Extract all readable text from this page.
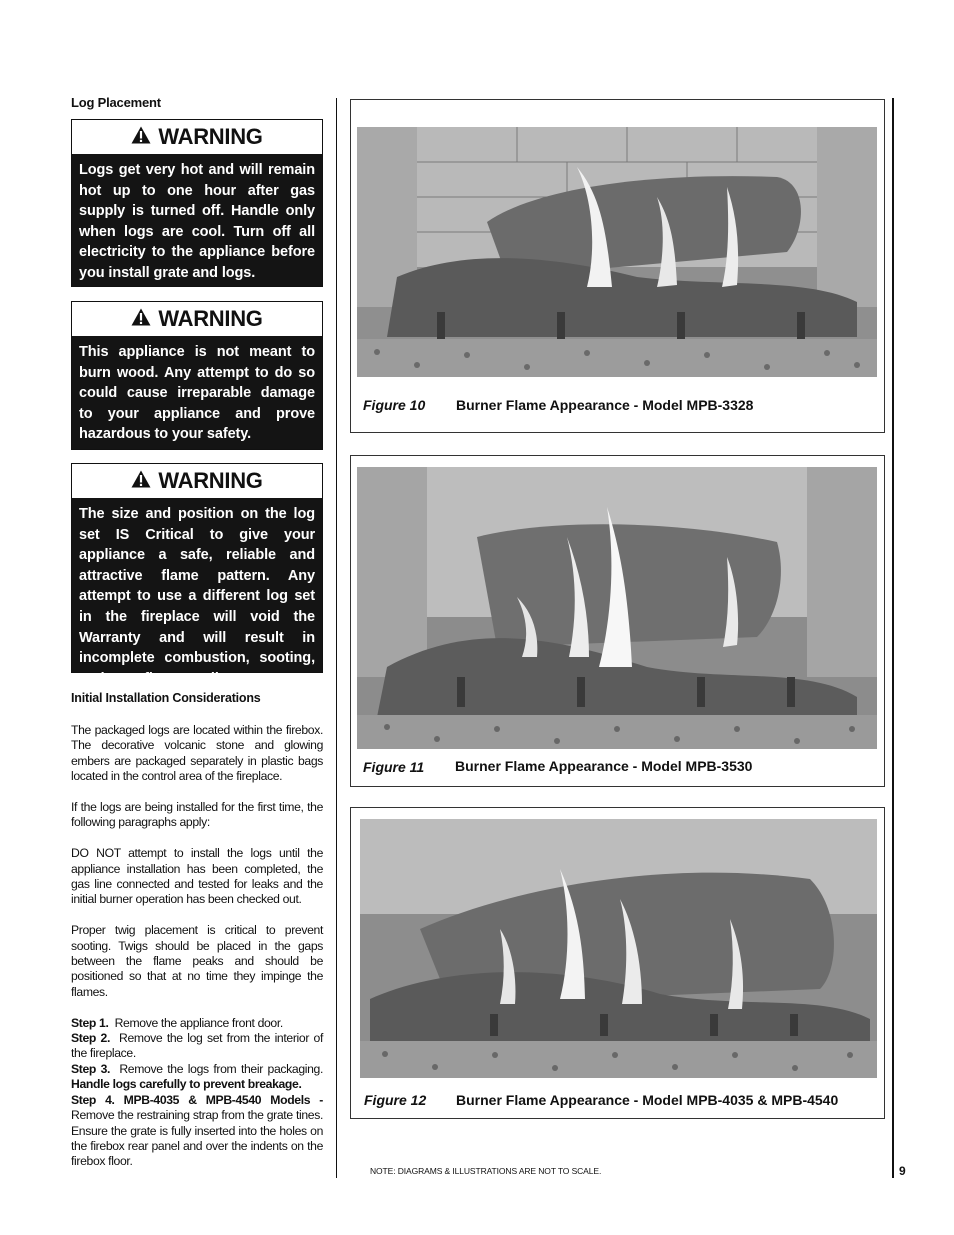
Log Placement
WARNING
Logs get very hot and will remain hot up to one hour after gas supply is turned off. Handle only when logs are cool. Turn off all electricity to the appliance before you install grate and logs.
WARNING
This appliance is not meant to burn wood. Any attempt to do so could cause irreparable damage to your appliance and prove hazardous to your safety.
WARNING
The size and position on the log set IS Critical to give your appliance a safe, reliable and attractive flame pattern. Any attempt to use a different log set in the fireplace will void the Warranty and will result in incomplete combustion, sooting, and poor flame quality.
Initial Installation Considerations

The packaged logs are located within the firebox. The decorative volcanic stone and glowing embers are packaged separately in plastic bags located in the control area of the fireplace.

If the logs are being installed for the first time, the following paragraphs apply:

DO NOT attempt to install the logs until the appliance installation has been completed, the gas line connected and tested for leaks and the initial burner operation has been checked out.

Proper twig placement is critical to prevent sooting. Twigs should be placed in the gaps between the flame peaks and should be positioned so that at no time they impinge the flames.

Step 1. Remove the appliance front door.

Step 2. Remove the log set from the interior of the fireplace.

Step 3. Remove the logs from their packaging. Handle logs carefully to prevent breakage.

Step 4. MPB-4035 & MPB-4540 Models - Remove the restraining strap from the grate tines. Ensure the grate is fully inserted into the holes on the firebox rear panel and over the indents on the firebox floor.

Figure 10 Burner Flame Appearance - Model MPB-3328
Figure 11 Burner Flame Appearance - Model MPB-3530
Figure 12 Burner Flame Appearance - Model MPB-4035 & MPB-4540
NOTE: DIAGRAMS & ILLUSTRATIONS ARE NOT TO SCALE.	9
